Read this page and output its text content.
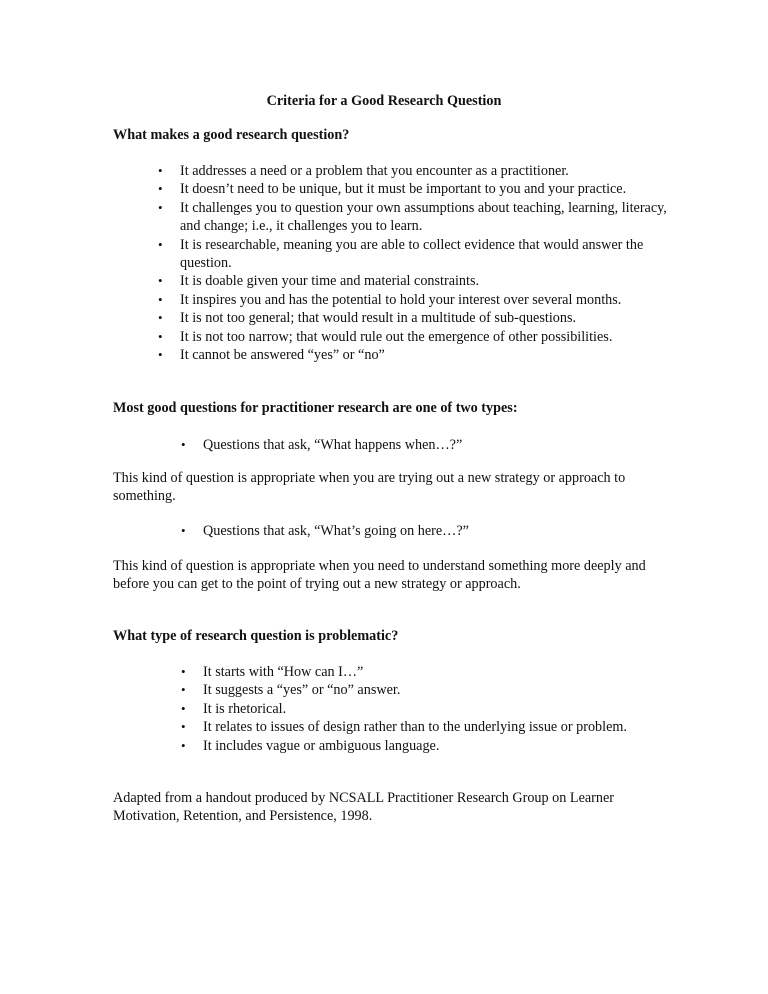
Criteria for a Good Research Question
What makes a good research question?
• It addresses a need or a problem that you encounter as a practitioner.
• It doesn’t need to be unique, but it must be important to you and your practice.
• It challenges you to question your own assumptions about teaching, learning, literacy, and change; i.e., it challenges you to learn.
• It is researchable, meaning you are able to collect evidence that would answer the question.
• It is doable given your time and material constraints.
• It inspires you and has the potential to hold your interest over several months.
• It is not too general; that would result in a multitude of sub-questions.
• It is not too narrow; that would rule out the emergence of other possibilities.
• It cannot be answered “yes” or “no”
Most good questions for practitioner research are one of two types:
• Questions that ask, “What happens when…?”
This kind of question is appropriate when you are trying out a new strategy or approach to something.
• Questions that ask, “What’s going on here…?”
This kind of question is appropriate when you need to understand something more deeply and before you can get to the point of trying out a new strategy or approach.
What type of research question is problematic?
• It starts with “How can I…”
• It suggests a “yes” or “no” answer.
• It is rhetorical.
• It relates to issues of design rather than to the underlying issue or problem.
• It includes vague or ambiguous language.
Adapted from a handout produced by NCSALL Practitioner Research Group on Learner Motivation, Retention, and Persistence, 1998.
